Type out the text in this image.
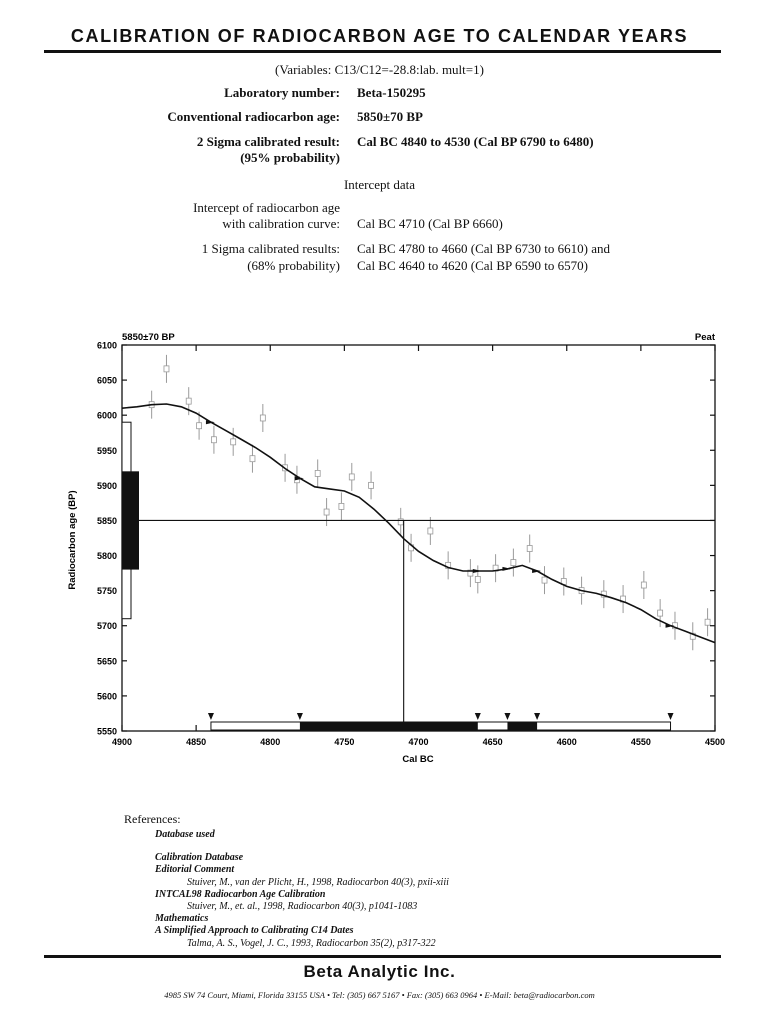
CALIBRATION OF RADIOCARBON AGE TO CALENDAR YEARS
(Variables: C13/C12=-28.8:lab. mult=1)
Laboratory number: Beta-150295
Conventional radiocarbon age: 5850±70 BP
2 Sigma calibrated result:
(95% probability)
Cal BC 4840 to 4530 (Cal BP 6790 to 6480)
Intercept data
Intercept of radiocarbon age
with calibration curve: Cal BC 4710 (Cal BP 6660)
1 Sigma calibrated results:
(68% probability)
Cal BC 4780 to 4660 (Cal BP 6730 to 6610) and
Cal BC 4640 to 4620 (Cal BP 6590 to 6570)
6100
6050
6000
5950
5900
5850
5800
5750
5700
5650
5600
5550
4900	4850	4800	4750	4700	4650	4600	4550	4500
5850±70 BP	Peat
Cal BC
Radiocarbon age (BP)
References:
Database used
Calibration Database
Editorial Comment
Stuiver, M., van der Plicht, H., 1998, Radiocarbon 40(3), pxii-xiii
INTCAL98 Radiocarbon Age Calibration
Stuiver, M., et. al., 1998, Radiocarbon 40(3), p1041-1083
Mathematics
A Simplified Approach to Calibrating C14 Dates
Talma, A. S., Vogel, J. C., 1993, Radiocarbon 35(2), p317-322
Beta Analytic Inc.
4985 SW 74 Court, Miami, Florida 33155 USA • Tel: (305) 667 5167 • Fax: (305) 663 0964 • E-Mail: beta@radiocarbon.com
